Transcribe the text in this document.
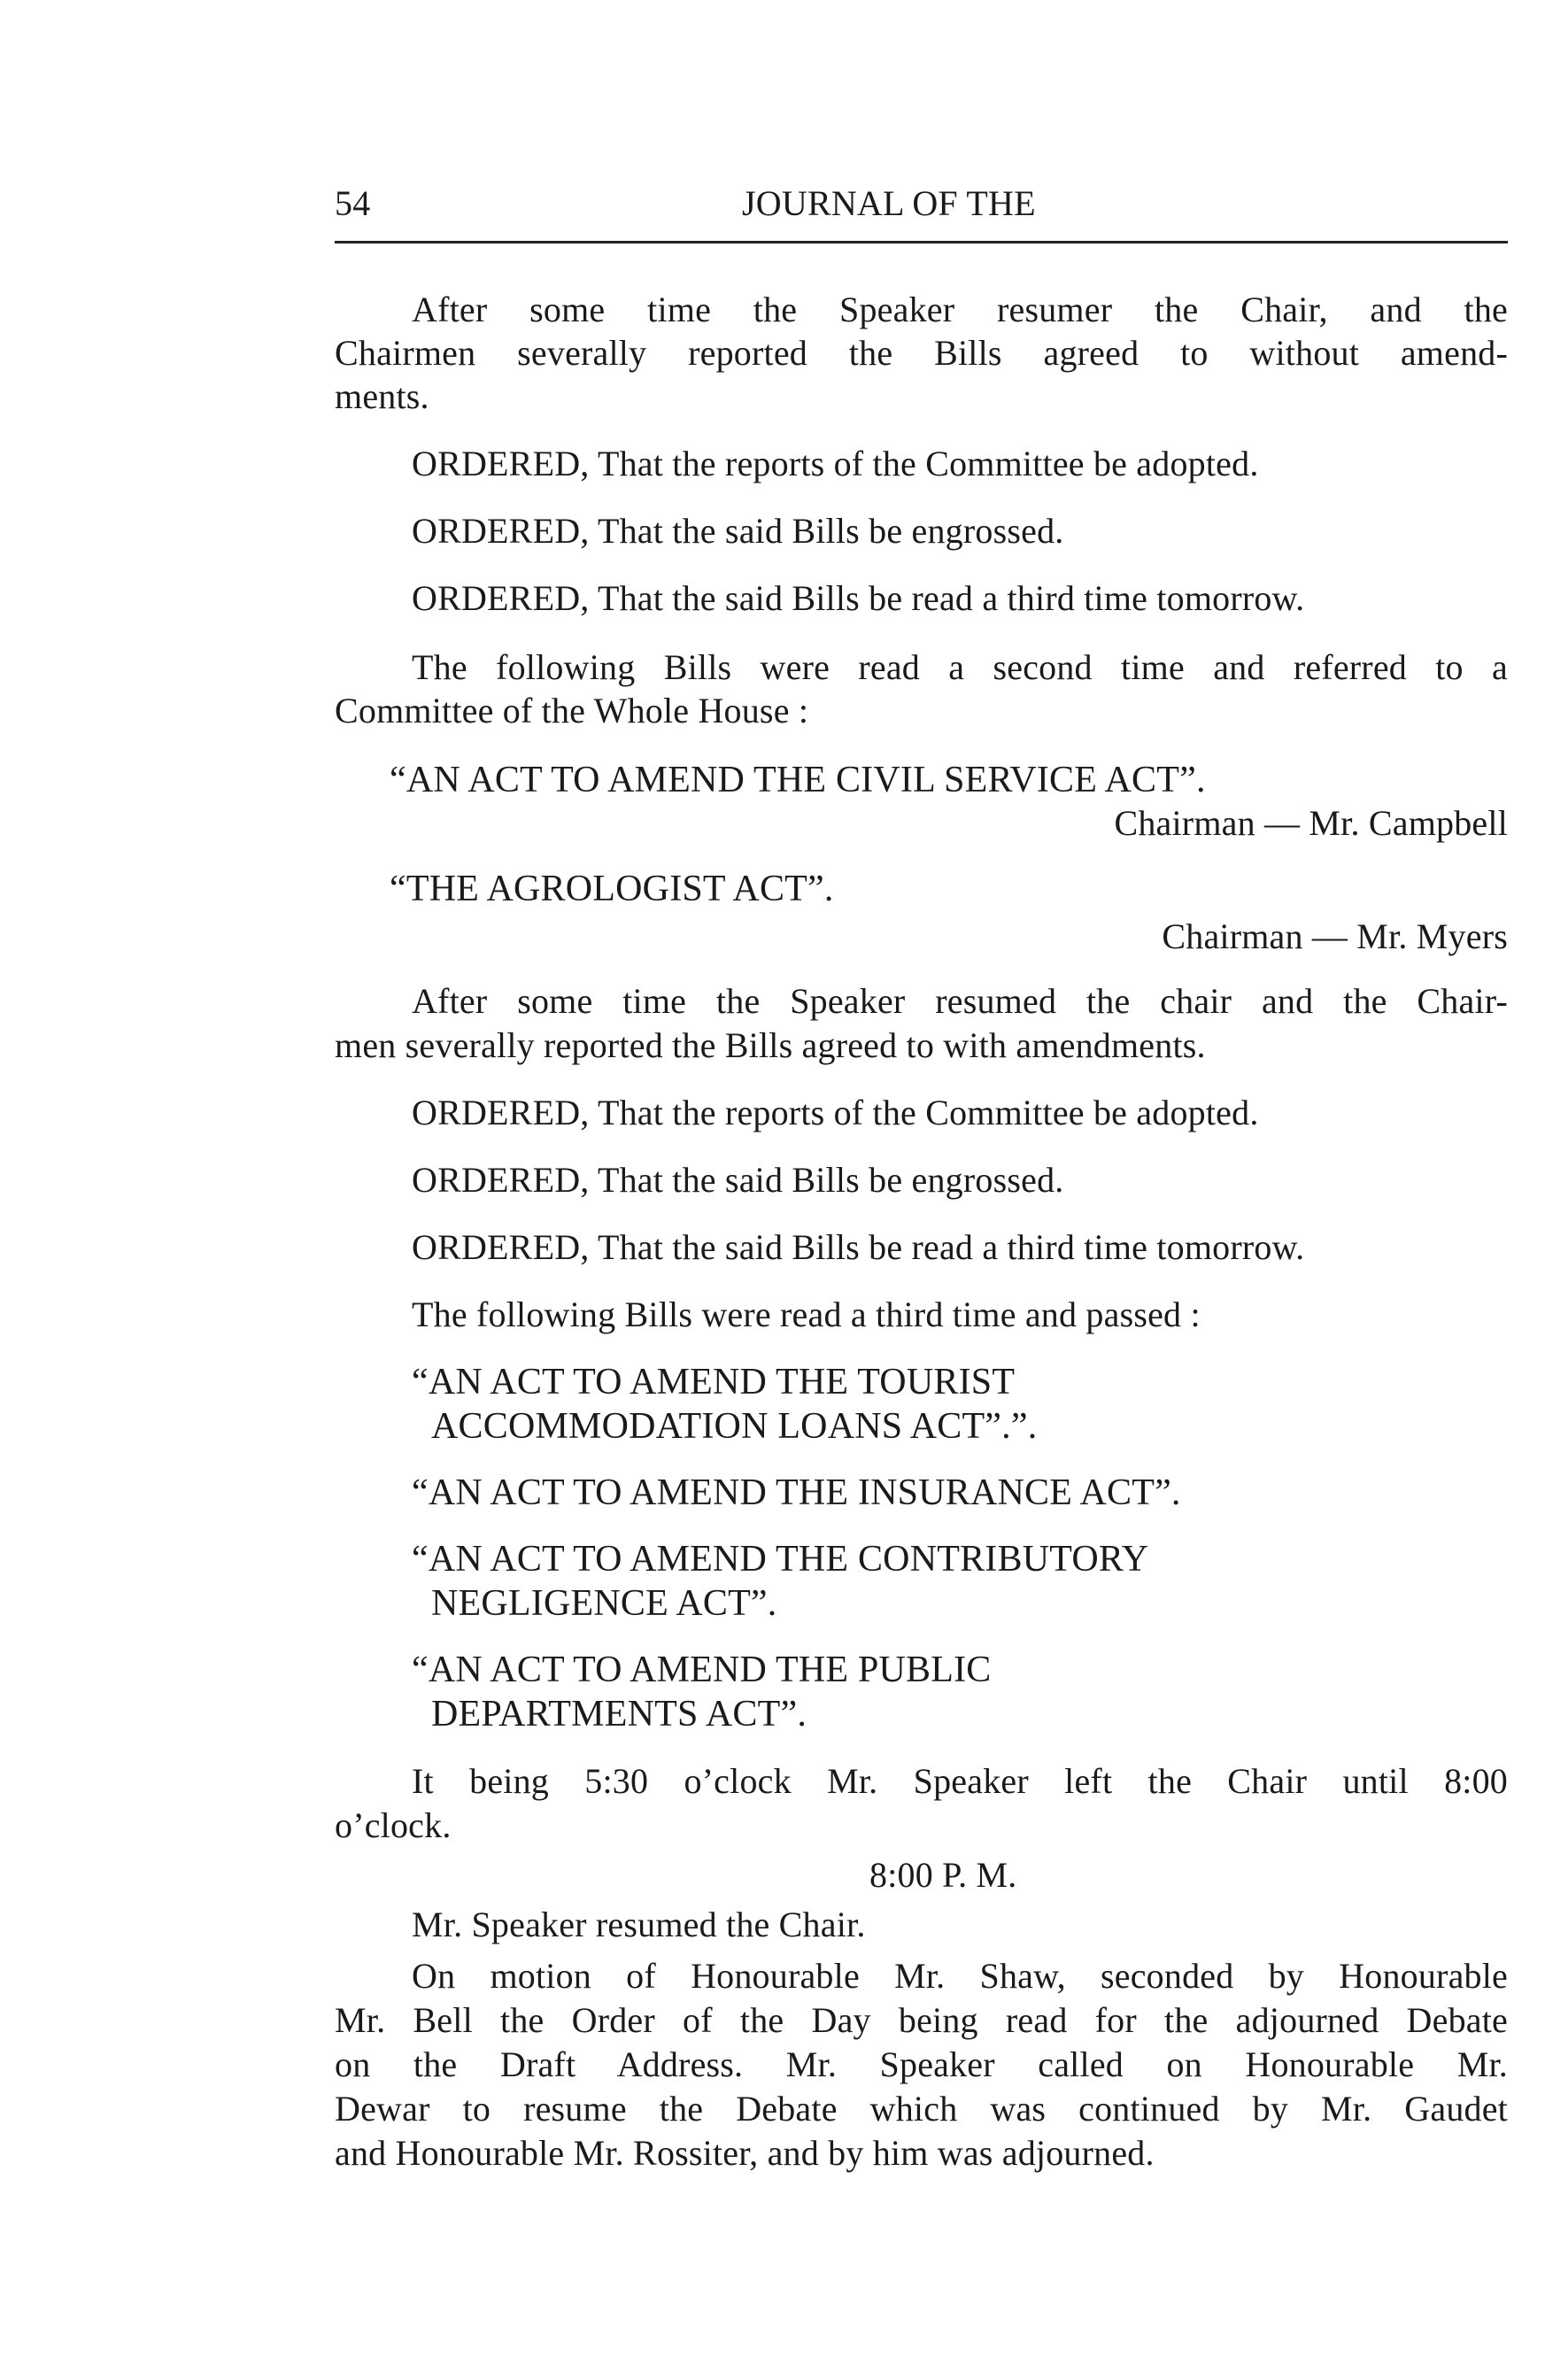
54	JOURNAL OF THE
After some time the Speaker resumer the Chair, and the
Chairmen severally reported the Bills agreed to without amend-
ments.
ORDERED, That the reports of the Committee be adopted.
ORDERED, That the said Bills be engrossed.
ORDERED, That the said Bills be read a third time tomorrow.
The following Bills were read a second time and referred to a
Committee of the Whole House :
“AN ACT TO AMEND THE CIVIL SERVICE ACT”.
Chairman — Mr. Campbell
“THE AGROLOGIST ACT”.
Chairman — Mr. Myers
After some time the Speaker resumed the chair and the Chair-
men severally reported the Bills agreed to with amendments.
ORDERED, That the reports of the Committee be adopted.
ORDERED, That the said Bills be engrossed.
ORDERED, That the said Bills be read a third time tomorrow.
The following Bills were read a third time and passed :
“AN ACT TO AMEND THE TOURIST
ACCOMMODATION LOANS ACT”.”.
“AN ACT TO AMEND THE INSURANCE ACT”.
“AN ACT TO AMEND THE CONTRIBUTORY
NEGLIGENCE ACT”.
“AN ACT TO AMEND THE PUBLIC
DEPARTMENTS ACT”.
It being 5:30 o’clock Mr. Speaker left the Chair until 8:00
o’clock.
8:00 P. M.
Mr. Speaker resumed the Chair.
On motion of Honourable Mr. Shaw, seconded by Honourable
Mr. Bell the Order of the Day being read for the adjourned Debate
on the Draft Address. Mr. Speaker called on Honourable Mr.
Dewar to resume the Debate which was continued by Mr. Gaudet
and Honourable Mr. Rossiter, and by him was adjourned.
